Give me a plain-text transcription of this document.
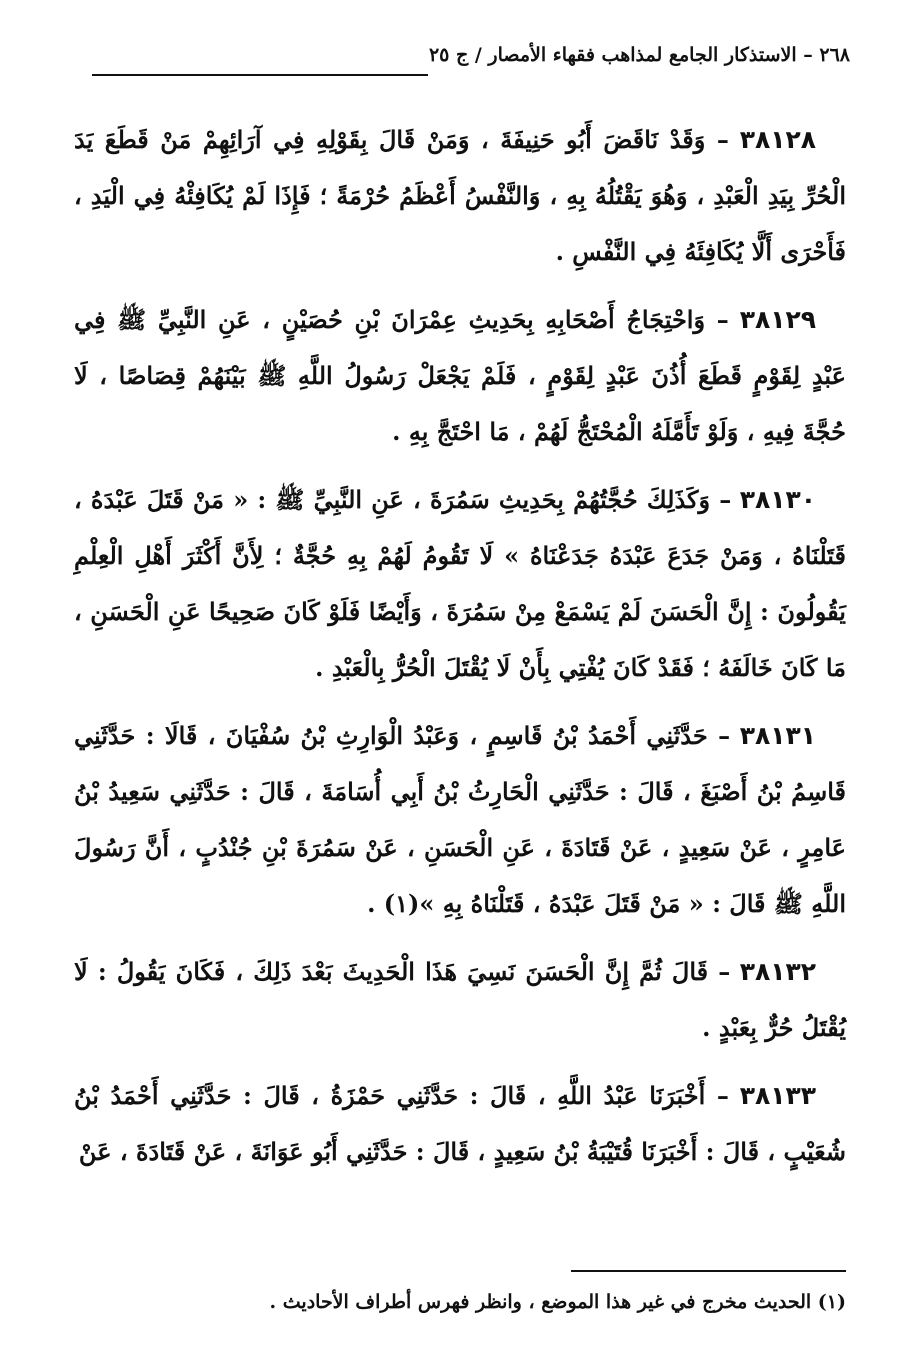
٢٦٨ – الاستذكار الجامع لمذاهب فقهاء الأمصار / ج ٢٥

٣٨١٢٨ – وَقَدْ نَاقَضَ أَبُو حَنِيفَةَ ، وَمَنْ قَالَ بِقَوْلِهِ فِي آرَائِهِمْ مَنْ قَطَعَ يَدَ الْحُرِّ بِيَدِ الْعَبْدِ ، وَهُوَ يَقْتُلُهُ بِهِ ، وَالنَّفْسُ أَعْظَمُ حُرْمَةً ؛ فَإِذَا لَمْ يُكَافِئْهُ فِي الْيَدِ ، فَأَحْرَى أَلَّا يُكَافِئَهُ فِي النَّفْسِ .

٣٨١٢٩ – وَاحْتِجَاجُ أَصْحَابِهِ بِحَدِيثِ عِمْرَانَ بْنِ حُصَيْنٍ ، عَنِ النَّبِيِّ ﷺ فِي عَبْدٍ لِقَوْمٍ قَطَعَ أُذُنَ عَبْدٍ لِقَوْمٍ ، فَلَمْ يَجْعَلْ رَسُولُ اللَّهِ ﷺ بَيْنَهُمْ قِصَاصًا ، لَا حُجَّةَ فِيهِ ، وَلَوْ تَأَمَّلَهُ الْمُحْتَجُّ لَهُمْ ، مَا احْتَجَّ بِهِ .

٣٨١٣٠ – وَكَذَلِكَ حُجَّتُهُمْ بِحَدِيثِ سَمُرَةَ ، عَنِ النَّبِيِّ ﷺ : « مَنْ قَتَلَ عَبْدَهُ ، قَتَلْنَاهُ ، وَمَنْ جَدَعَ عَبْدَهُ جَدَعْنَاهُ » لَا تَقُومُ لَهُمْ بِهِ حُجَّةٌ ؛ لِأَنَّ أَكْثَرَ أَهْلِ الْعِلْمِ يَقُولُونَ : إِنَّ الْحَسَنَ لَمْ يَسْمَعْ مِنْ سَمُرَةَ ، وَأَيْضًا فَلَوْ كَانَ صَحِيحًا عَنِ الْحَسَنِ ، مَا كَانَ خَالَفَهُ ؛ فَقَدْ كَانَ يُفْتِي بِأَنْ لَا يُقْتَلَ الْحُرُّ بِالْعَبْدِ .

٣٨١٣١ – حَدَّثَنِي أَحْمَدُ بْنُ قَاسِمٍ ، وَعَبْدُ الْوَارِثِ بْنُ سُفْيَانَ ، قَالَا : حَدَّثَنِي قَاسِمُ بْنُ أَصْبَغَ ، قَالَ : حَدَّثَنِي الْحَارِثُ بْنُ أَبِي أُسَامَةَ ، قَالَ : حَدَّثَنِي سَعِيدُ بْنُ عَامِرٍ ، عَنْ سَعِيدٍ ، عَنْ قَتَادَةَ ، عَنِ الْحَسَنِ ، عَنْ سَمُرَةَ بْنِ جُنْدُبٍ ، أَنَّ رَسُولَ اللَّهِ ﷺ قَالَ : « مَنْ قَتَلَ عَبْدَهُ ، قَتَلْنَاهُ بِهِ »(١) .

٣٨١٣٢ – قَالَ ثُمَّ إِنَّ الْحَسَنَ نَسِيَ هَذَا الْحَدِيثَ بَعْدَ ذَلِكَ ، فَكَانَ يَقُولُ : لَا يُقْتَلُ حُرٌّ بِعَبْدٍ .

٣٨١٣٣ – أَخْبَرَنَا عَبْدُ اللَّهِ ، قَالَ : حَدَّثَنِي حَمْزَةُ ، قَالَ : حَدَّثَنِي أَحْمَدُ بْنُ شُعَيْبٍ ، قَالَ : أَخْبَرَنَا قُتَيْبَةُ بْنُ سَعِيدٍ ، قَالَ : حَدَّثَنِي أَبُو عَوَانَةَ ، عَنْ قَتَادَةَ ، عَنْ

(١) الحديث مخرج في غير هذا الموضع ، وانظر فهرس أطراف الأحاديث .
